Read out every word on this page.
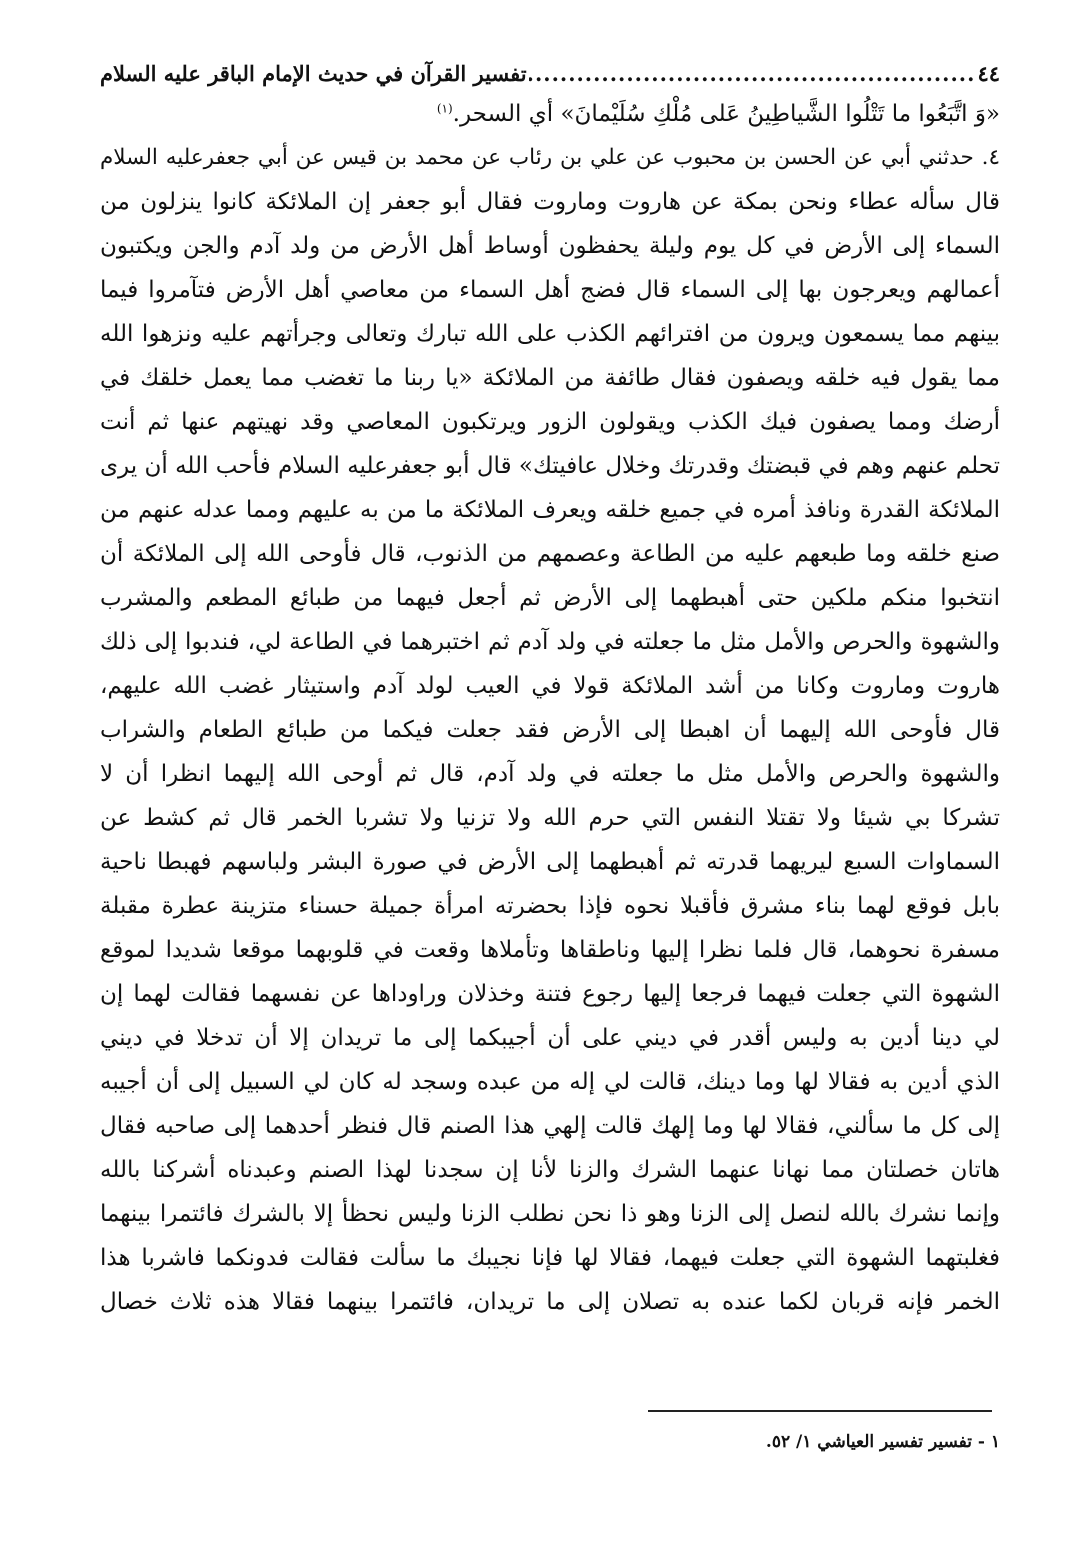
٤٤
.....
تفسير القرآن في حديث الإمام الباقر عليه السلام
«وَ اتَّبَعُوا ما تَتْلُوا الشَّياطِينُ عَلى مُلْكِ سُلَيْمانَ» أي السحر.$^{(١)}$
٤. حدثني أبي عن الحسن بن محبوب عن علي بن رئاب عن محمد بن قيس عن أبي جعفرعليه السلام
قال سأله عطاء ونحن بمكة عن هاروت وماروت فقال أبو جعفر إن الملائكة كانوا ينزلون من
السماء إلى الأرض في كل يوم وليلة يحفظون أوساط أهل الأرض من ولد آدم والجن ويكتبون
أعمالهم ويعرجون بها إلى السماء قال فضج أهل السماء من معاصي أهل الأرض فتآمروا فيما
بينهم مما يسمعون ويرون من افترائهم الكذب على الله تبارك وتعالى وجرأتهم عليه ونزهوا الله
مما يقول فيه خلقه ويصفون فقال طائفة من الملائكة «يا ربنا ما تغضب مما يعمل خلقك في
أرضك ومما يصفون فيك الكذب ويقولون الزور ويرتكبون المعاصي وقد نهيتهم عنها ثم أنت
تحلم عنهم وهم في قبضتك وقدرتك وخلال عافيتك» قال أبو جعفرعليه السلام فأحب الله أن يرى
الملائكة القدرة ونافذ أمره في جميع خلقه ويعرف الملائكة ما من به عليهم ومما عدله عنهم من
صنع خلقه وما طبعهم عليه من الطاعة وعصمهم من الذنوب، قال فأوحى الله إلى الملائكة أن
انتخبوا منكم ملكين حتى أهبطهما إلى الأرض ثم أجعل فيهما من طبائع المطعم والمشرب
والشهوة والحرص والأمل مثل ما جعلته في ولد آدم ثم اختبرهما في الطاعة لي، فندبوا إلى ذلك
هاروت وماروت وكانا من أشد الملائكة قولا في العيب لولد آدم واستيثار غضب الله عليهم،
قال فأوحى الله إليهما أن اهبطا إلى الأرض فقد جعلت فيكما من طبائع الطعام والشراب
والشهوة والحرص والأمل مثل ما جعلته في ولد آدم، قال ثم أوحى الله إليهما انظرا أن لا
تشركا بي شيئا ولا تقتلا النفس التي حرم الله ولا تزنيا ولا تشربا الخمر قال ثم كشط عن
السماوات السبع ليريهما قدرته ثم أهبطهما إلى الأرض في صورة البشر ولباسهم فهبطا ناحية
بابل فوقع لهما بناء مشرق فأقبلا نحوه فإذا بحضرته امرأة جميلة حسناء متزينة عطرة مقبلة
مسفرة نحوهما، قال فلما نظرا إليها وناطقاها وتأملاها وقعت في قلوبهما موقعا شديدا لموقع
الشهوة التي جعلت فيهما فرجعا إليها رجوع فتنة وخذلان وراوداها عن نفسهما فقالت لهما إن
لي دينا أدين به وليس أقدر في ديني على أن أجيبكما إلى ما تريدان إلا أن تدخلا في ديني
الذي أدين به فقالا لها وما دينك، قالت لي إله من عبده وسجد له كان لي السبيل إلى أن أجيبه
إلى كل ما سألني، فقالا لها وما إلهك قالت إلهي هذا الصنم قال فنظر أحدهما إلى صاحبه فقال
هاتان خصلتان مما نهانا عنهما الشرك والزنا لأنا إن سجدنا لهذا الصنم وعبدناه أشركنا بالله
وإنما نشرك بالله لنصل إلى الزنا وهو ذا نحن نطلب الزنا وليس نحظأ إلا بالشرك فائتمرا بينهما
فغلبتهما الشهوة التي جعلت فيهما، فقالا لها فإنا نجيبك ما سألت فقالت فدونكما فاشربا هذا
الخمر فإنه قربان لكما عنده به تصلان إلى ما تريدان، فائتمرا بينهما فقالا هذه ثلاث خصال
١ - تفسير تفسير العياشي ١/ ٥٢.
